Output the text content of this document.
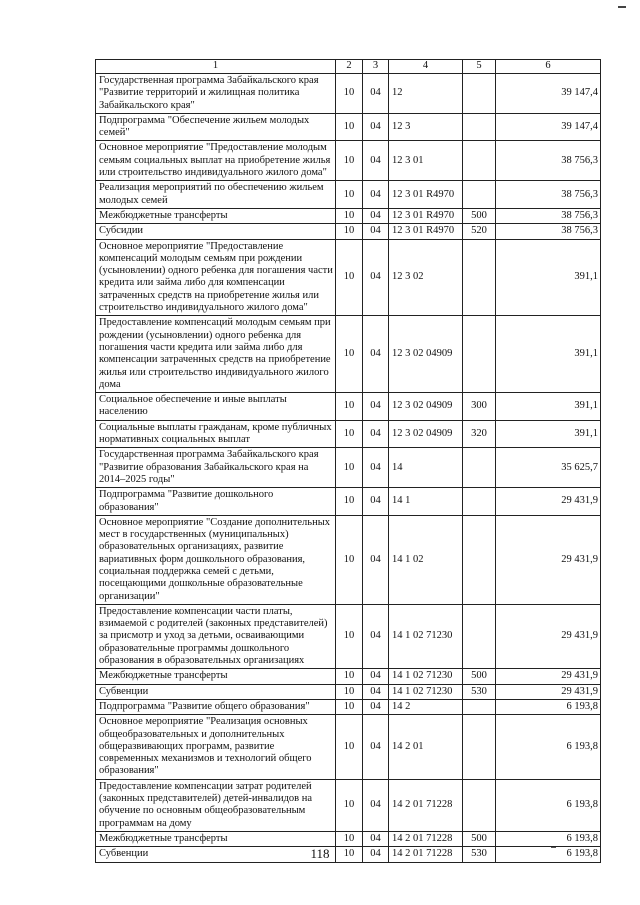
1	2	3	4	5	6
Государственная программа Забайкальского края "Развитие территорий и жилищная политика Забайкальского края"	10	04	12		39 147,4
Подпрограмма "Обеспечение жильем молодых семей"	10	04	12 3		39 147,4
Основное мероприятие "Предоставление молодым семьям социальных выплат на приобретение жилья или строительство индивидуального жилого дома"	10	04	12 3 01		38 756,3
Реализация мероприятий по обеспечению жильем молодых семей	10	04	12 3 01 R4970		38 756,3
Межбюджетные трансферты	10	04	12 3 01 R4970	500	38 756,3
Субсидии	10	04	12 3 01 R4970	520	38 756,3
Основное мероприятие "Предоставление компенсаций молодым семьям при рождении (усыновлении) одного ребенка для погашения части кредита или займа либо для компенсации затраченных средств на приобретение жилья или строительство индивидуального жилого дома"	10	04	12 3 02		391,1
Предоставление компенсаций молодым семьям при рождении (усыновлении) одного ребенка для погашения части кредита или займа либо для компенсации затраченных средств на приобретение жилья или строительство индивидуального жилого дома	10	04	12 3 02 04909		391,1
Социальное обеспечение и иные выплаты населению	10	04	12 3 02 04909	300	391,1
Социальные выплаты гражданам, кроме публичных нормативных социальных выплат	10	04	12 3 02 04909	320	391,1
Государственная программа Забайкальского края "Развитие образования Забайкальского края на 2014–2025 годы"	10	04	14		35 625,7
Подпрограмма "Развитие дошкольного образования"	10	04	14 1		29 431,9
Основное мероприятие "Создание дополнительных мест в государственных (муниципальных) образовательных организациях, развитие вариативных форм дошкольного образования, социальная поддержка семей с детьми, посещающими дошкольные образовательные организации"	10	04	14 1 02		29 431,9
Предоставление компенсации части платы, взимаемой с родителей (законных представителей) за присмотр и уход за детьми, осваивающими образовательные программы дошкольного образования в образовательных организациях	10	04	14 1 02 71230		29 431,9
Межбюджетные трансферты	10	04	14 1 02 71230	500	29 431,9
Субвенции	10	04	14 1 02 71230	530	29 431,9
Подпрограмма "Развитие общего образования"	10	04	14 2		6 193,8
Основное мероприятие "Реализация основных общеобразовательных и дополнительных общеразвивающих программ, развитие современных механизмов и технологий общего образования"	10	04	14 2 01		6 193,8
Предоставление компенсации затрат родителей (законных представителей) детей-инвалидов на обучение по основным общеобразовательным программам на дому	10	04	14 2 01 71228		6 193,8
Межбюджетные трансферты	10	04	14 2 01 71228	500	6 193,8
Субвенции	10	04	14 2 01 71228	530	6 193,8
118
